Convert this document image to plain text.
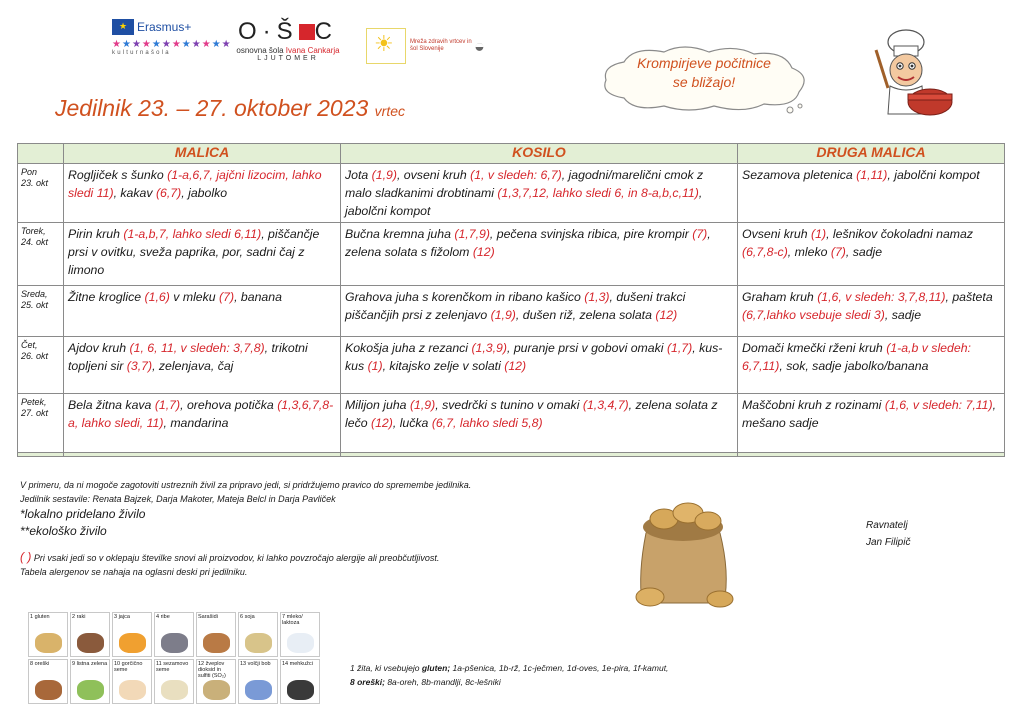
★Erasmus+
★★★★★★★★★★★★
kulturnašola
O·Š C
osnovna šola Ivana Cankarja
LJUTOMER
☀Mreža zdravih vrtcev in šol Slovenije ◒
Jedilnik 23. – 27. oktober 2023 vrtec
Krompirjeve počitnice
se bližajo!
	MALICA	KOSILO	DRUGA MALICA

Pon
23. okt	Rogljiček s šunko (1-a,6,7, jajčni lizocim, lahko sledi 11), kakav (6,7), jabolko	Jota (1,9), ovseni kruh (1, v sledeh: 6,7), jagodni/marelični cmok z malo sladkanimi drobtinami (1,3,7,12, lahko sledi 6, in 8-a,b,c,11), jabolčni kompot	Sezamova pletenica (1,11), jabolčni kompot

Torek,
24. okt	Pirin kruh (1-a,b,7, lahko sledi 6,11), piščančje prsi v ovitku, sveža paprika, por, sadni čaj z limono	Bučna kremna juha (1,7,9), pečena svinjska ribica, pire krompir (7), zelena solata s fižolom (12)	Ovseni kruh (1), lešnikov čokoladni namaz (6,7,8-c), mleko (7), sadje

Sreda,
25. okt	Žitne kroglice (1,6) v mleku (7), banana	Grahova juha s korenčkom in ribano kašico (1,3), dušeni trakci piščančjih prsi z zelenjavo (1,9), dušen riž, zelena solata (12)	Graham kruh (1,6, v sledeh: 3,7,8,11), pašteta (6,7,lahko vsebuje sledi 3), sadje

Čet,
26. okt	Ajdov kruh (1, 6, 11, v sledeh: 3,7,8), trikotni topljeni sir (3,7), zelenjava, čaj	Kokošja juha z rezanci (1,3,9), puranje prsi v gobovi omaki (1,7), kus-kus (1), kitajsko zelje v solati (12)	Domači kmečki rženi kruh (1-a,b v sledeh: 6,7,11), sok, sadje jabolko/banana

Petek,
27. okt	Bela žitna kava (1,7), orehova potička (1,3,6,7,8-a, lahko sledi, 11), mandarina	Milijon juha (1,9), svedrčki s tunino v omaki (1,3,4,7), zelena solata z lečo (12), lučka (6,7, lahko sledi 5,8)	Maščobni kruh z rozinami (1,6, v sledeh: 7,11), mešano sadje

V primeru, da ni mogoče zagotoviti ustreznih živil za pripravo jedi, si pridržujemo pravico do spremembe jedilnika.
Jedilnik sestavile: Renata Bajzek, Darja Makoter, Mateja Belcl in Darja Pavliček
*lokalno pridelano živilo
**ekološko živilo
( ) Pri vsaki jedi so v oklepaju številke snovi ali proizvodov, ki lahko povzročajo alergije ali preobčutljivost.
Tabela alergenov se nahaja na oglasni deski pri jedilniku.
Ravnatelj
Jan Filipič
1 gluten	2 raki	3 jajca	4 ribe	Sarašidi	6 soja	7 mleko/ laktoza
8 oreški	9 listna zelena 10 gorčično seme
11 sezamovo seme
12 žveplov dioksid in sulfiti (SO₂)
13 volčji bob	14 mehkužci	1 žita, ki vsebujejo gluten; 1a-pšenica, 1b-rž, 1c-ječmen, 1d-oves, 1e-pira, 1f-kamut,
8 oreški; 8a-oreh, 8b-mandlji, 8c-lešniki
